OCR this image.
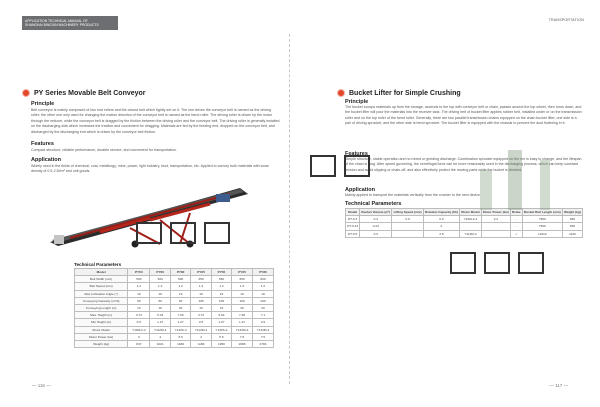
APPLICATION TECHNICAL MANUAL OF
SHANGHAI BINGXIN MACHINERY PRODUCTS
PY Series Movable Belt Conveyor
Principle
Belt conveyor is mainly composed of two end rollers and the closed belt which tightly set on it. The one drives the conveyor belt is named as the driving roller; the other one only used for changing the motion direction of the conveyor belt is named as the bend roller. The driving roller is driven by the motor through the reducer, while the conveyor belt is dragged by the friction between the driving roller and the conveyor belt. The driving roller is generally installed on the discharging side which increases the traction and convenient for dragging. Materials are fed by the feeding end, dropped on the conveyor belt, and discharged by the discharging end which is driven by the conveyor belt friction.
Features
Compact structure, reliable performance, durable service, and convenient for transportation.
Application
Widely used in the fields of chemical, coal, metallurgy, mine, power, light industry, food, transportation, etc. Applied to convey bulk materials with loose density of 0.5-2.5t/m³ and unit goods.
Technical Parameters
Model	PY50	PY60	PY80	PY65	PY65	PY65	PY80
Belt Width (mm)	500	500	500	650	650	650	800
Belt Speed (m/s)	1.2	1.2	1.2	1.2	1.2	1.6	1.6
Max Inclination Angle (°)	19	19	19	19	19	19	19
Conveying Capacity (m³/h)	60	60	60	105	105	160	290
Conveying Length (m)	10	15	20	10	15	20	20
Max. Height (m)	3.73	5.34	7.09	3.73	5.64	7.48	7.1
Min Height (m)	0.5	1.27	1.27	0.5	1.27	1.27	2.9
Motor Model	Y100L2-4	Y112M-4	Y132S-4	Y112M-4	Y132S-4	Y132M-4	Y132M-4
Motor Power (kw)	3	4	5.5	4	5.5	7.5	7.5
Weight (kg)	847	1021	1946	1189	1950	2986	2784
— 116 —
TRANSPORTATION
Bucket Lifter for Simple Crushing
Principle
The bucket scoops materials up from the storage, ascends to the top with conveyor belt or chain, passes around the top wheel, then turns down, and the bucket lifter will pour the materials into the receiver tank. The driving belt of bucket lifter applies rubber belt, installed under or on the transmission roller and on the top roller of the bend roller. Generally, there are two parallel transmission chains equipped on the chain bucket lifter, one side is a pair of driving sprocket, and the other side is bend sprocket. The bucket lifter is equipped with the chassis to prevent the dust fluttering in it.
Features
Simple structure, stable operation and no mixed or grinding discharge. Combination sprocket equipped on the rim is easy to change, and the lifespan of the chain is long. After speed governing, the centrifugal force can be more reasonably used in the discharging process, which can keep constant tension and avoid slipping or chain-off, and also effectively protect the moving parts while the bucket is blocked.
Application
Mainly applied to transport the materials vertically from the crusher to the next device.
Technical Parameters
Model	Bucket Volume (m³)	Lifting Speed (m/s)	Rotation Capacity (t/h)	Motor Model	Motor Power (kw)	Brake	Bucket Belt Length (mm)	Weight (kg)
DT-0.3	0.3	0.9	0.9	Y100L2-4	2.2	-	7500	946
DT-0.23	0.23		2			-	7500	836
DT-0.5	0.5		3.5	Y112M-4		✓	10410	1126
— 117 —
